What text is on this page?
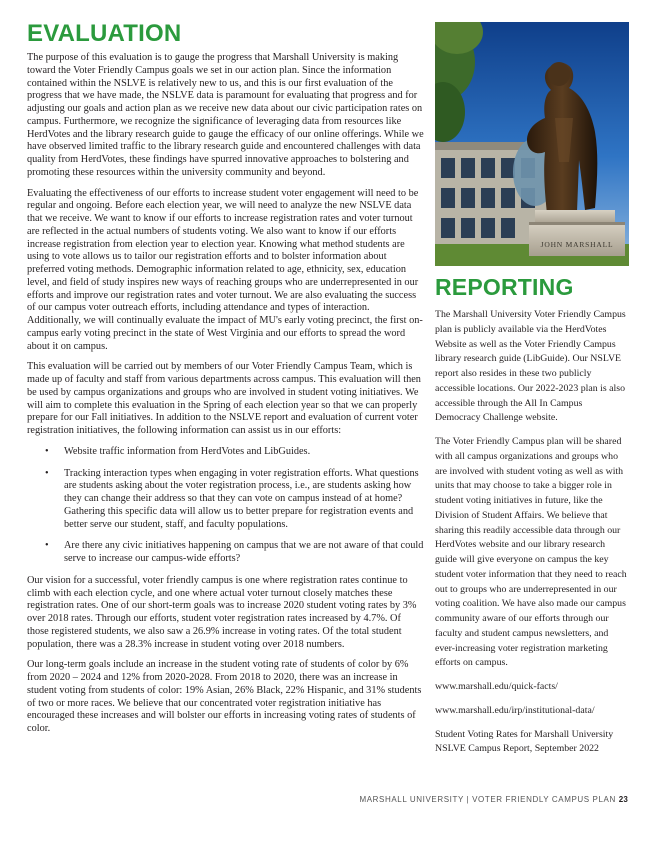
EVALUATION

The purpose of this evaluation is to gauge the progress that Marshall University is making toward the Voter Friendly Campus goals we set in our action plan. Since the information contained within the NSLVE is relatively new to us, and this is our first evaluation of the progress that we have made, the NSLVE data is paramount for evaluating that progress and for adjusting our goals and action plan as we receive new data about our civic participation rates on campus. Furthermore, we recognize the significance of leveraging data from resources like HerdVotes and the library research guide to gauge the efficacy of our online offerings. While we have observed limited traffic to the library research guide and encountered challenges with data quality from HerdVotes, these findings have spurred innovative approaches to bolstering and promoting these resources within the university community and beyond.

Evaluating the effectiveness of our efforts to increase student voter engagement will need to be regular and ongoing. Before each election year, we will need to analyze the new NSLVE data that we receive. We want to know if our efforts to increase registration rates and voter turnout are reflected in the actual numbers of students voting. We also want to know if our efforts increase registration from election year to election year. Knowing what method students are using to vote allows us to tailor our registration efforts and to bolster information about preferred voting methods. Demographic information related to age, ethnicity, sex, education level, and field of study inspires new ways of reaching groups who are underrepresented in our efforts and improve our registration rates and voter turnout. We are also evaluating the success of our campus voter outreach efforts, including attendance and types of interaction. Additionally, we will continually evaluate the impact of MU's early voting precinct, the first on-campus early voting precinct in the state of West Virginia and our efforts to spread the word about it on campus.

This evaluation will be carried out by members of our Voter Friendly Campus Team, which is made up of faculty and staff from various departments across campus. This evaluation will then be used by campus organizations and groups who are involved in student voting initiatives. We will aim to complete this evaluation in the Spring of each election year so that we can properly prepare for our Fall initiatives. In addition to the NSLVE report and evaluation of current voter registration initiatives, the following information can assist us in our efforts:

• Website traffic information from HerdVotes and LibGuides.
• Tracking interaction types when engaging in voter registration efforts. What questions are students asking about the voter registration process, i.e., are students asking how they can change their address so that they can vote on campus instead of at home? Gathering this specific data will allow us to better prepare for registration events and better serve our student, staff, and faculty populations.
• Are there any civic initiatives happening on campus that we are not aware of that could serve to increase our campus-wide efforts?

Our vision for a successful, voter friendly campus is one where registration rates continue to climb with each election cycle, and one where actual voter turnout closely matches these registration rates. One of our short-term goals was to increase 2020 student voting rates by 3% over 2018 rates. Through our efforts, student voter registration rates increased by 4.7%. Of those registered students, we also saw a 26.9% increase in voting rates. Of the total student population, there was a 28.3% increase in student voting over 2018 numbers.

Our long-term goals include an increase in the student voting rate of students of color by 6% from 2020 – 2024 and 12% from 2020-2028. From 2018 to 2020, there was an increase in student voting from students of color: 19% Asian, 26% Black, 22% Hispanic, and 31% students of two or more races. We believe that our concentrated voter registration initiative has encouraged these increases and will bolster our efforts in increasing voting rates of students of color.

JOHN MARSHALL
REPORTING

The Marshall University Voter Friendly Campus plan is publicly available via the HerdVotes Website as well as the Voter Friendly Campus library research guide (LibGuide). Our NSLVE report also resides in these two publicly accessible locations. Our 2022-2023 plan is also accessible through the All In Campus Democracy Challenge website.

The Voter Friendly Campus plan will be shared with all campus organizations and groups who are involved with student voting as well as with units that may choose to take a bigger role in student voting initiatives in future, like the Division of Student Affairs. We believe that sharing this readily accessible data through our HerdVotes website and our library research guide will give everyone on campus the key student voter information that they need to reach out to groups who are underrepresented in our voting coalition. We have also made our campus community aware of our efforts through our faculty and student campus newsletters, and ever-increasing voter registration marketing efforts on campus.

www.marshall.edu/quick-facts/

www.marshall.edu/irp/institutional-data/

Student Voting Rates for Marshall University NSLVE Campus Report, September 2022

MARSHALL UNIVERSITY | VOTER FRIENDLY CAMPUS PLAN 23
